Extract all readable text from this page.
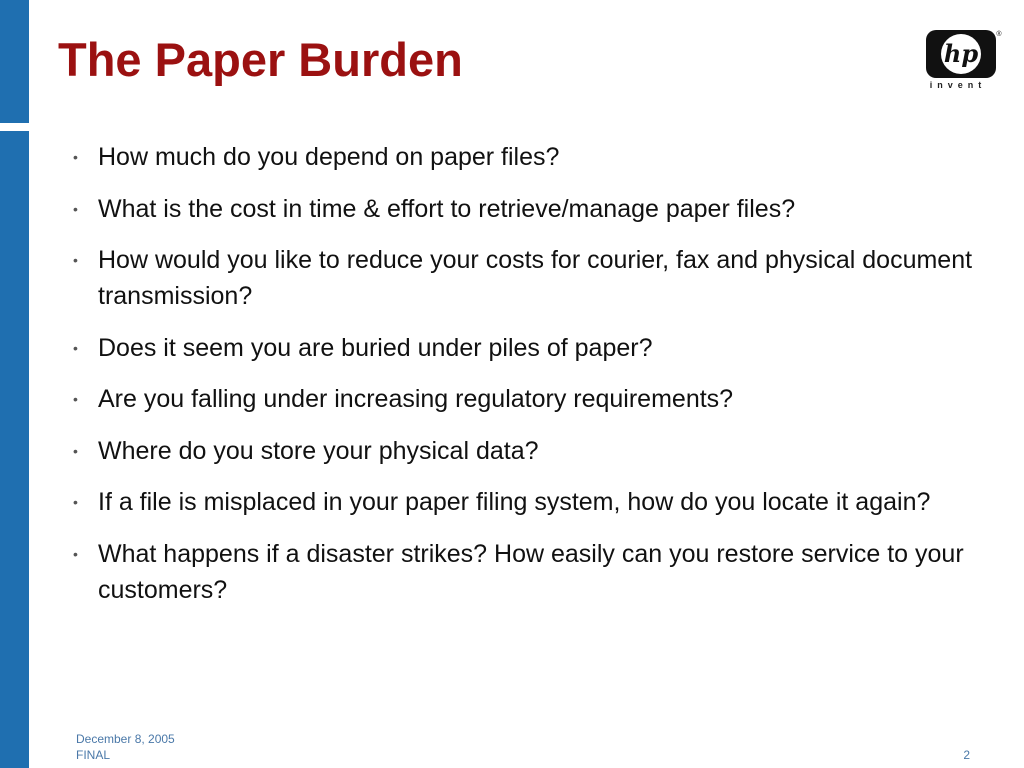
The Paper Burden	hp
®
invent
• How much do you depend on paper files?
• What is the cost in time & effort to retrieve/manage paper files?
• How would you like to reduce your costs for courier, fax and physical document transmission?
• Does it seem you are buried under piles of paper?
• Are you falling under increasing regulatory requirements?
• Where do you store your physical data?
• If a file is misplaced in your paper filing system, how do you locate it again?
• What happens if a disaster strikes? How easily can you restore service to your customers?
December 8, 2005
FINAL	2
